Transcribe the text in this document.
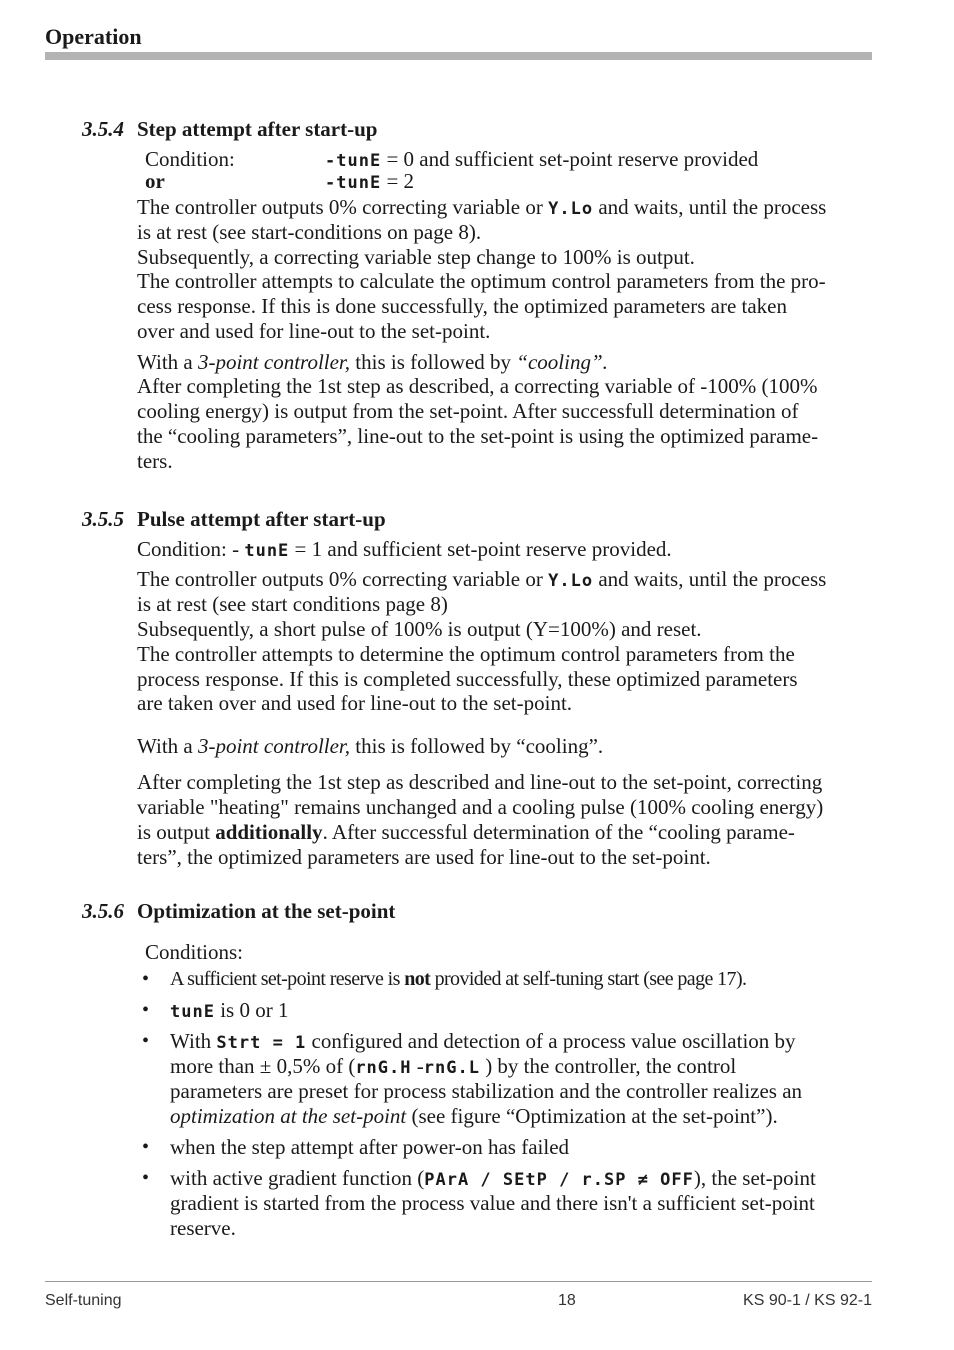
Operation
3.5.4 Step attempt after start-up
Condition:	-tunE = 0 and sufficient set-point reserve provided
or	-tunE = 2
The controller outputs 0% correcting variable or Y.Lo and waits, until the process
is at rest (see start-conditions on page 8).
Subsequently, a correcting variable step change to 100% is output.
The controller attempts to calculate the optimum control parameters from the pro-
cess response. If this is done successfully, the optimized parameters are taken
over and used for line-out to the set-point.
With a 3-point controller, this is followed by “cooling”.
After completing the 1st step as described, a correcting variable of -100% (100%
cooling energy) is output from the set-point. After successfull determination of
the “cooling parameters”, line-out to the set-point is using the optimized parame-
ters.
3.5.5 Pulse attempt after start-up
Condition: - tunE = 1 and sufficient set-point reserve provided.
The controller outputs 0% correcting variable or Y.Lo and waits, until the process
is at rest (see start conditions page 8)
Subsequently, a short pulse of 100% is output (Y=100%) and reset.
The controller attempts to determine the optimum control parameters from the
process response. If this is completed successfully, these optimized parameters
are taken over and used for line-out to the set-point.
With a 3-point controller, this is followed by “cooling”.
After completing the 1st step as described and line-out to the set-point, correcting
variable "heating" remains unchanged and a cooling pulse (100% cooling energy)
is output additionally. After successful determination of the “cooling parame-
ters”, the optimized parameters are used for line-out to the set-point.
3.5.6 Optimization at the set-point
Conditions:
• A sufficient set-point reserve is not provided at self-tuning start (see page 17).
• tunE is 0 or 1
• With Strt = 1 configured and detection of a process value oscillation by
more than ± 0,5% of (rnG.H -rnG.L ) by the controller, the control
parameters are preset for process stabilization and the controller realizes an
optimization at the set-point (see figure “Optimization at the set-point”).
• when the step attempt after power-on has failed
• with active gradient function (PArA / SEtP / r.SP ≠ OFF), the set-point
gradient is started from the process value and there isn't a sufficient set-point
reserve.
Self-tuning	18	KS 90-1 / KS 92-1
